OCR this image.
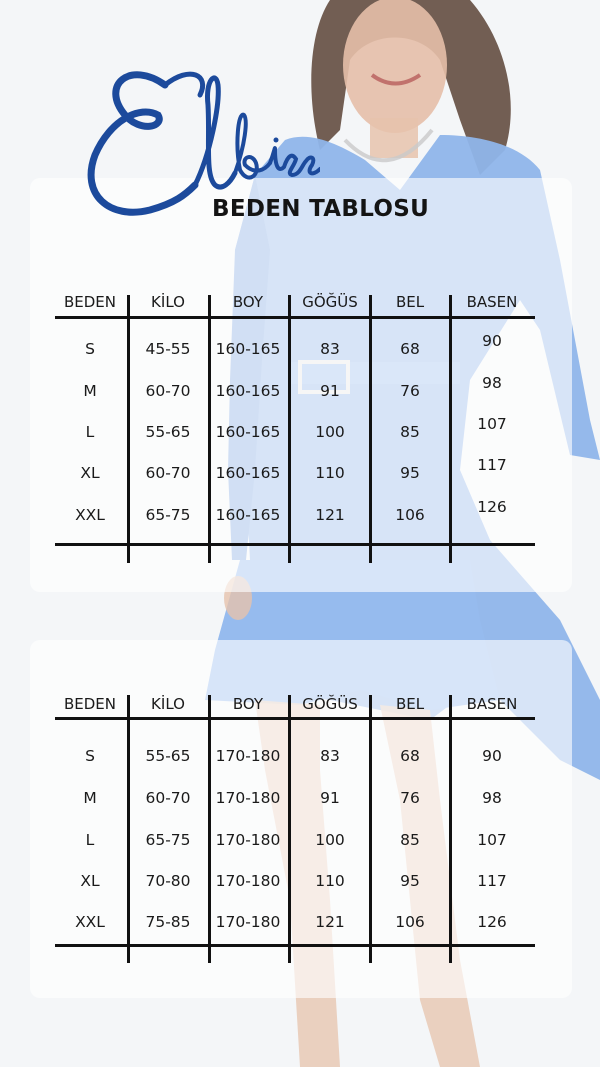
BEDEN TABLOSU
BEDEN KİLO	BOY	GÖĞÜS	BEL	BASEN
S	45-55 160-165	83	68	90
M	60-70 160-165	91	76	98
L	55-65 160-165 100	85	107
XL	60-70 160-165 110	95	117
XXL	65-75 160-165 121	106	126
BEDEN KİLO	BOY	GÖĞÜS	BEL	BASEN
S	55-65 170-180	83	68	90
M	60-70 170-180	91	76	98
L	65-75 170-180 100	85	107
XL	70-80 170-180 110	95	117
XXL	75-85 170-180 121	106	126
